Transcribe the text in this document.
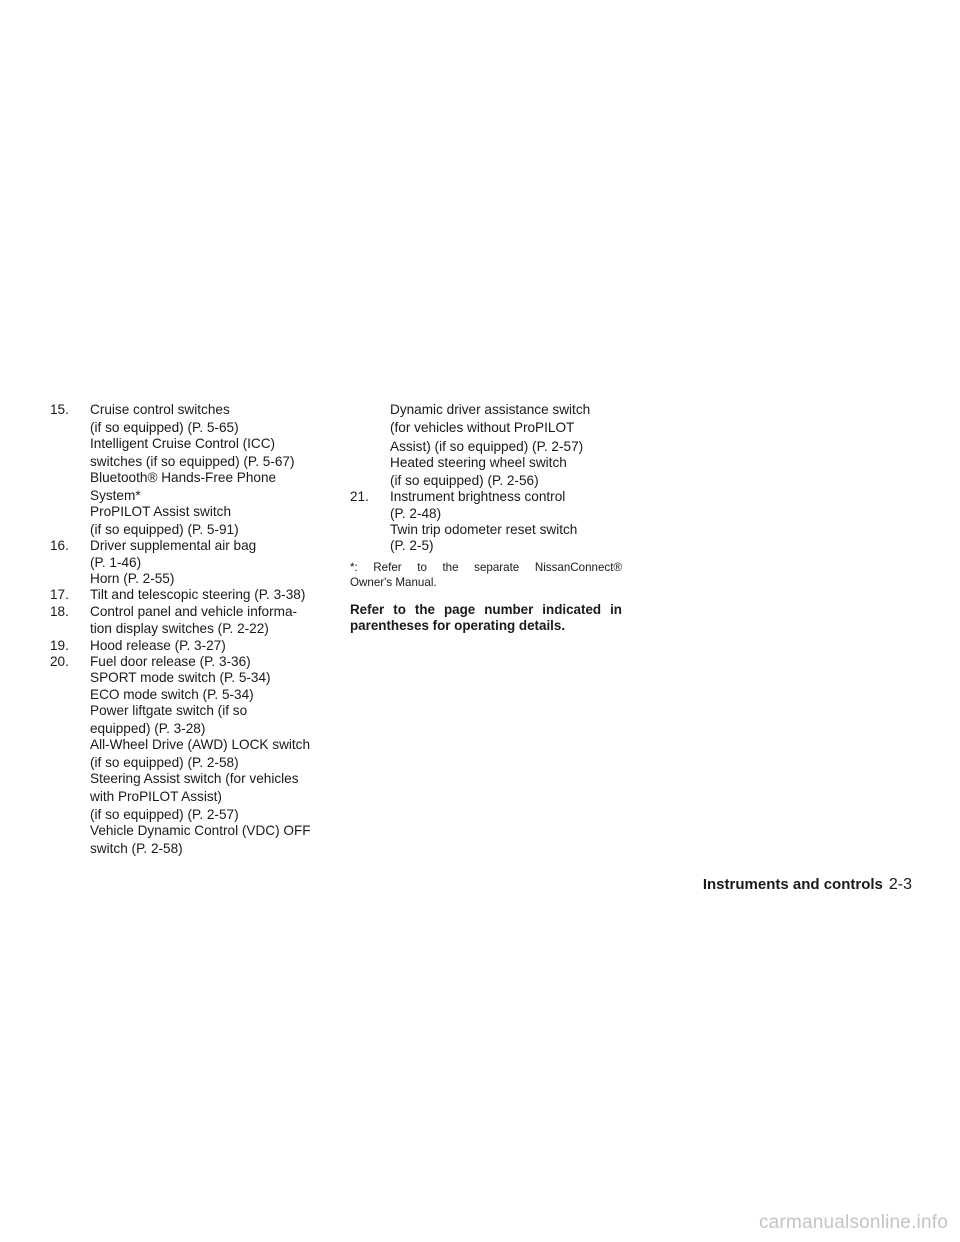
15. Cruise control switches
(if so equipped) (P. 5-65)
Intelligent Cruise Control (ICC)
switches (if so equipped) (P. 5-67)
Bluetooth® Hands-Free Phone
System*
ProPILOT Assist switch
(if so equipped) (P. 5-91)
16. Driver supplemental air bag
(P. 1-46)
Horn (P. 2-55)
17. Tilt and telescopic steering (P. 3-38)
18. Control panel and vehicle informa-
tion display switches (P. 2-22)
19. Hood release (P. 3-27)
20. Fuel door release (P. 3-36)
SPORT mode switch (P. 5-34)
ECO mode switch (P. 5-34)
Power liftgate switch (if so
equipped) (P. 3-28)
All-Wheel Drive (AWD) LOCK switch
(if so equipped) (P. 2-58)
Steering Assist switch (for vehicles
with ProPILOT Assist)
(if so equipped) (P. 2-57)
Vehicle Dynamic Control (VDC) OFF
switch (P. 2-58)
Dynamic driver assistance switch
(for vehicles without ProPILOT
Assist) (if so equipped) (P. 2-57)
Heated steering wheel switch
(if so equipped) (P. 2-56)
21. Instrument brightness control
(P. 2-48)
Twin trip odometer reset switch
(P. 2-5)
*: Refer to the separate NissanConnect®
Owner's Manual.
Refer to the page number indicated in
parentheses for operating details.
Instruments and controls 2-3
carmanualsonline.info
